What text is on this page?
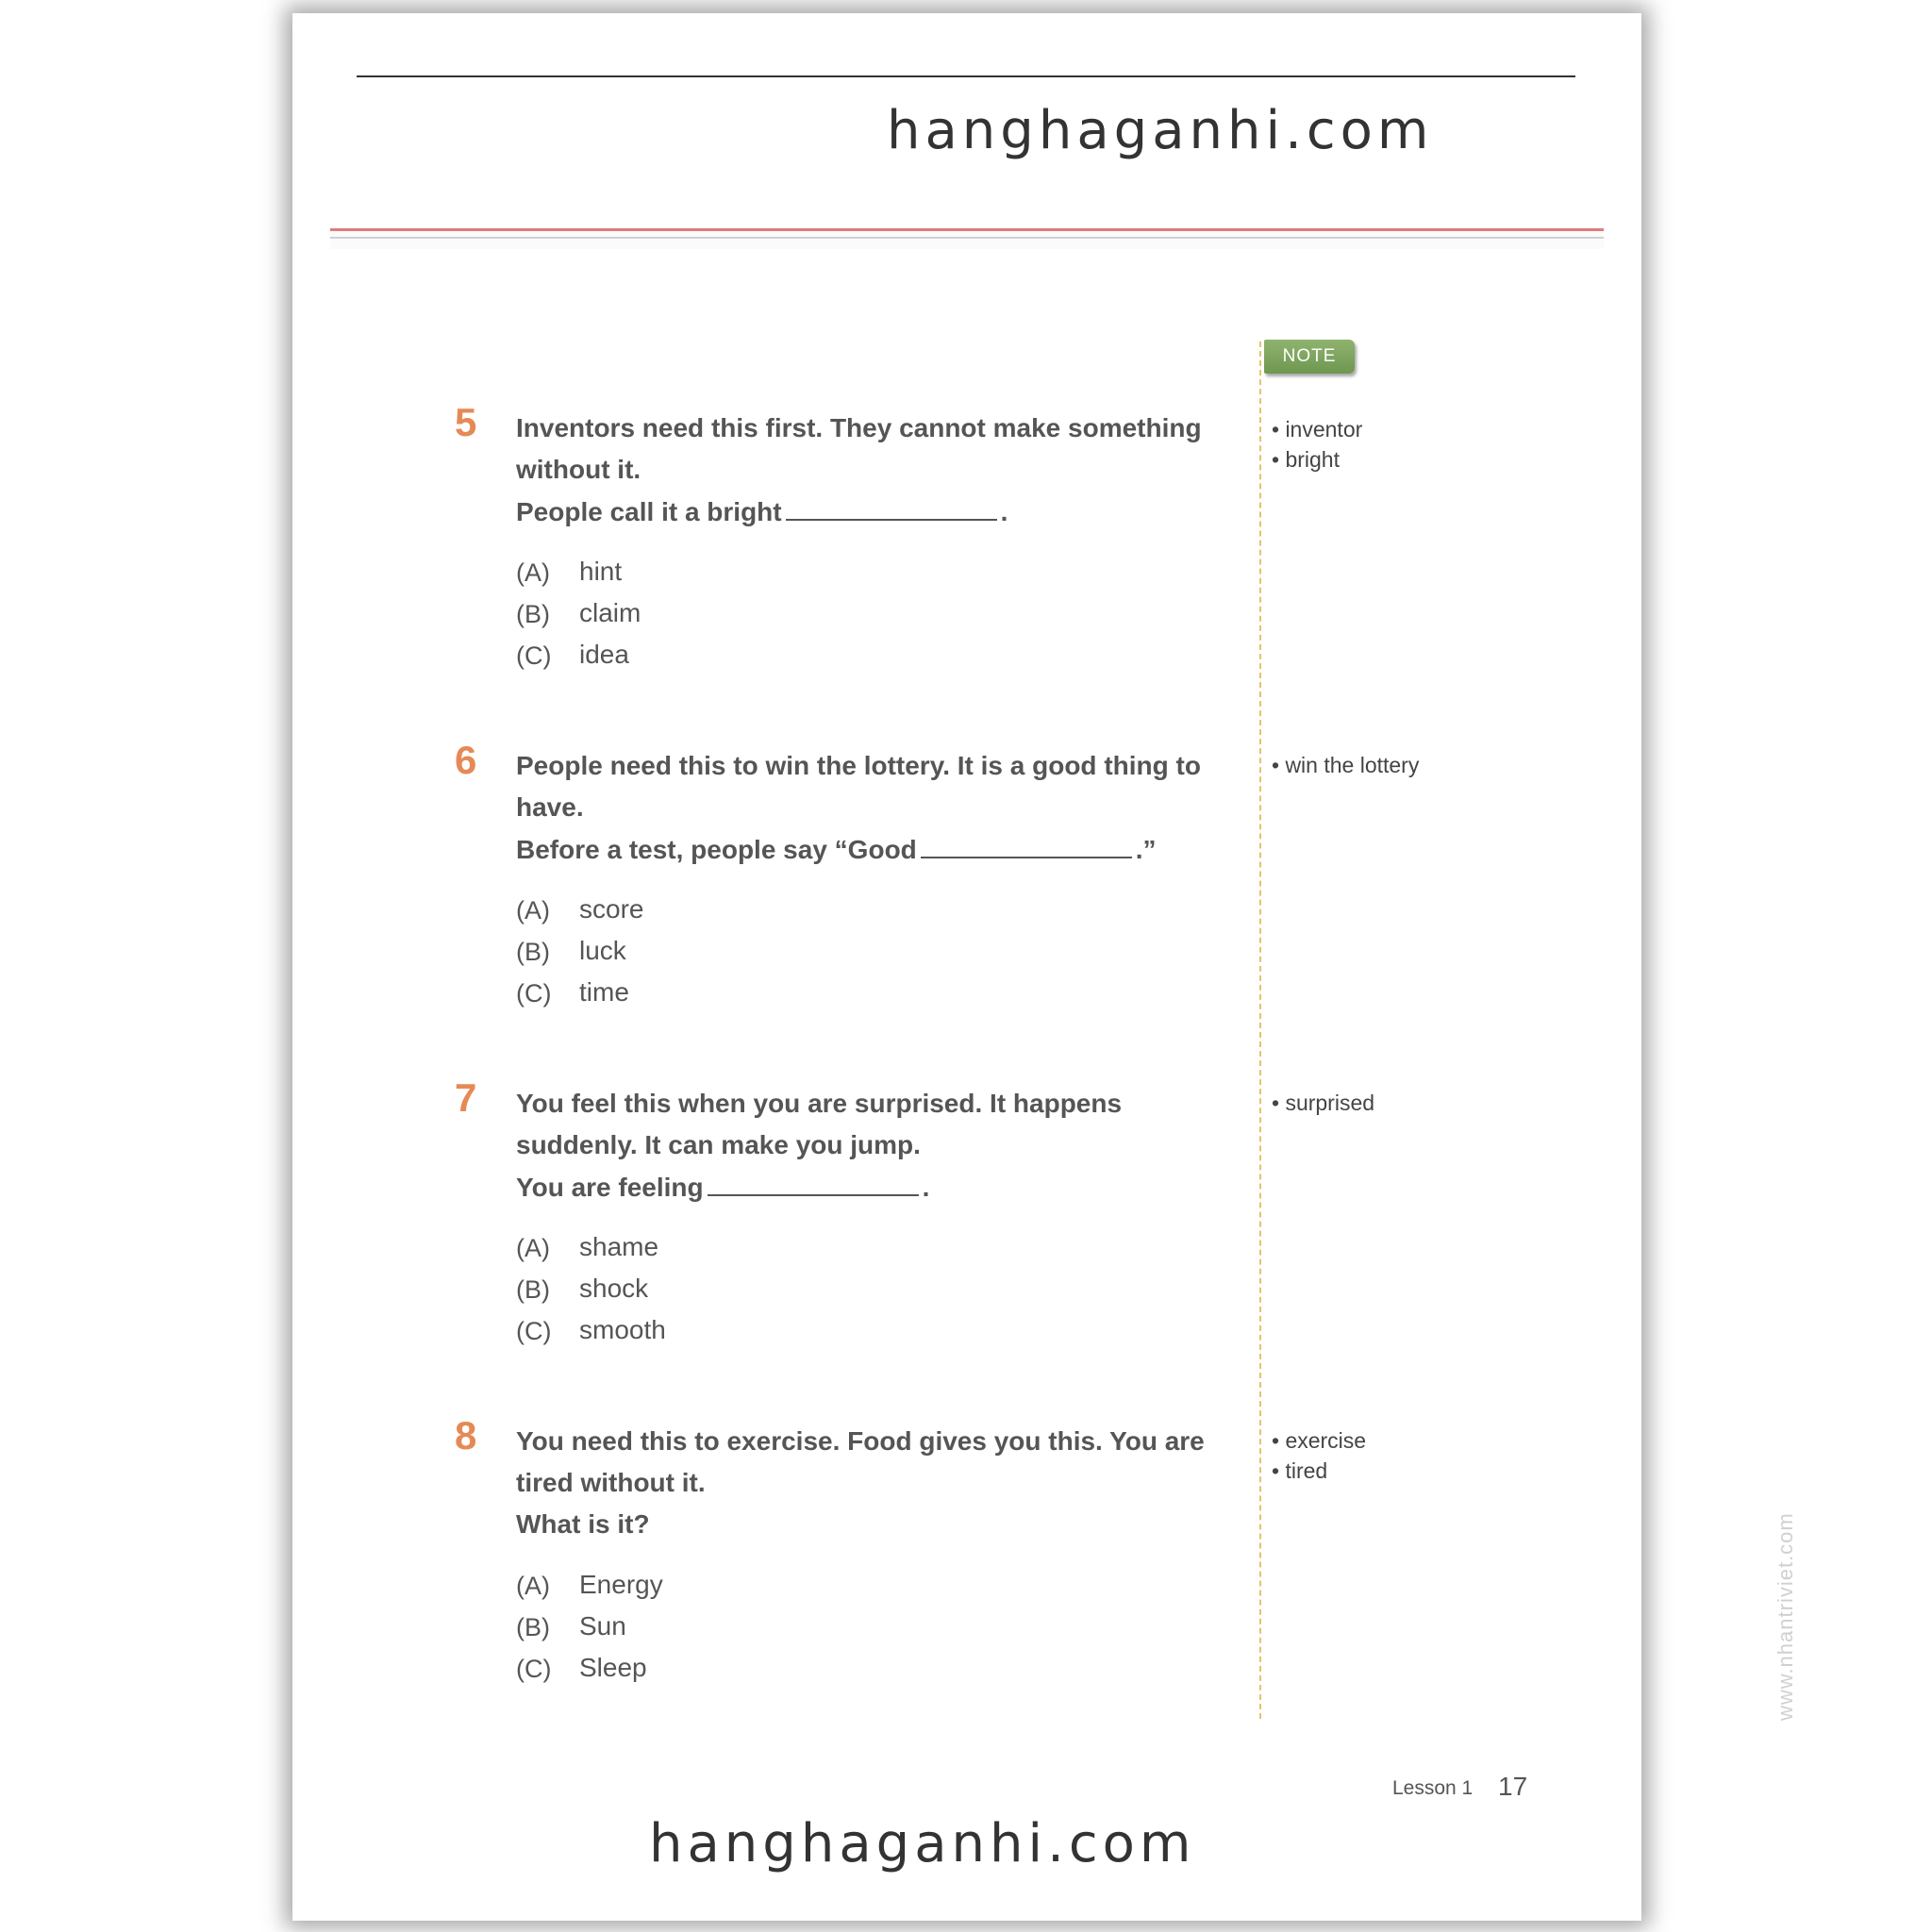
hanghaganhi.com
NOTE
5 Inventors need this first. They cannot make something
without it.
People call it a bright	.
(A) hint
(B) claim
(C) idea
• inventor
• bright
6 People need this to win the lottery. It is a good thing to
have.
Before a test, people say “Good	.”
(A) score
(B) luck
(C) time
• win the lottery
7 You feel this when you are surprised. It happens
suddenly. It can make you jump.
You are feeling	.
(A) shame
(B) shock
(C) smooth
• surprised
8 You need this to exercise. Food gives you this. You are
tired without it.
What is it?
(A) Energy
(B) Sun
(C) Sleep
• exercise
• tired
www.nhantriviet.com
Lesson 1 17
hanghaganhi.com
